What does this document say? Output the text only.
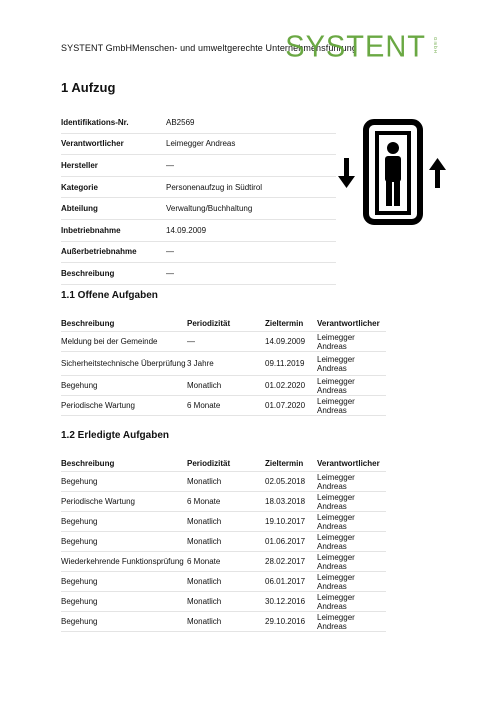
SYSTENT GmbHMenschen- und umweltgerechte Unternehmensführung
SYSTENT GmbH
1 Aufzug
Identifikations-Nr.	AB2569
Verantwortlicher	Leimegger Andreas
Hersteller	—
Kategorie	Personenaufzug in Südtirol
Abteilung	Verwaltung/Buchhaltung
Inbetriebnahme	14.09.2009
Außerbetriebnahme	—
Beschreibung	—
1.1 Offene Aufgaben
Beschreibung	Periodizität	Zieltermin	Verantwortlicher
Meldung bei der Gemeinde	—	14.09.2009	Leimegger Andreas
Sicherheitstechnische Überprüfung	3 Jahre	09.11.2019	Leimegger Andreas
Begehung	Monatlich	01.02.2020	Leimegger Andreas
Periodische Wartung	6 Monate	01.07.2020	Leimegger Andreas
1.2 Erledigte Aufgaben
Beschreibung	Periodizität	Zieltermin	Verantwortlicher
Begehung	Monatlich	02.05.2018	Leimegger Andreas
Periodische Wartung	6 Monate	18.03.2018	Leimegger Andreas
Begehung	Monatlich	19.10.2017	Leimegger Andreas
Begehung	Monatlich	01.06.2017	Leimegger Andreas
Wiederkehrende Funktionsprüfung	6 Monate	28.02.2017	Leimegger Andreas
Begehung	Monatlich	06.01.2017	Leimegger Andreas
Begehung	Monatlich	30.12.2016	Leimegger Andreas
Begehung	Monatlich	29.10.2016	Leimegger Andreas
